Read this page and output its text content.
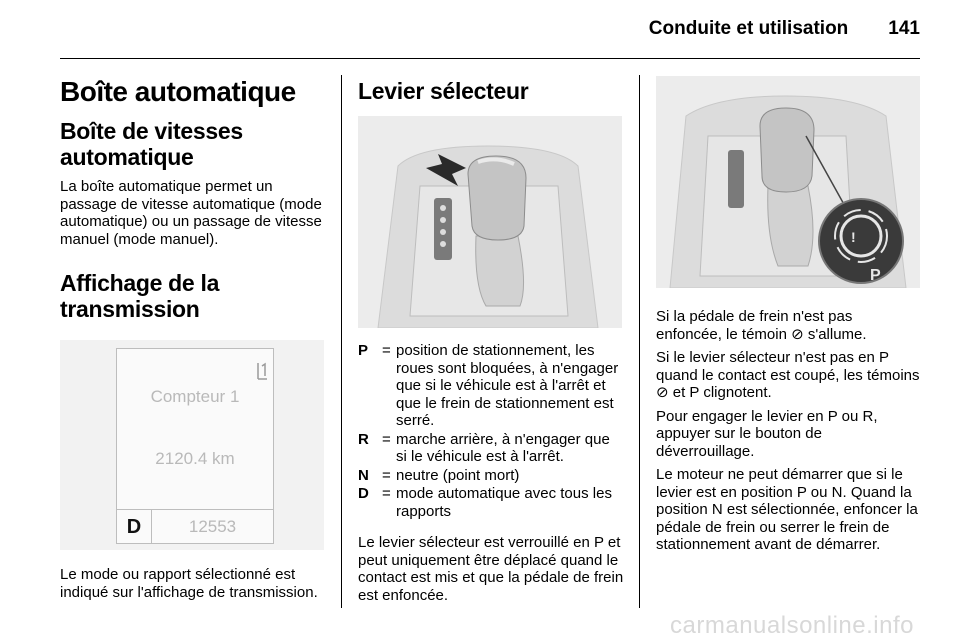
Conduite et utilisation 141
Boîte automatique
Boîte de vitesses automatique

La boîte automatique permet un passage de vitesse automatique (mode automatique) ou un passage de vitesse manuel (mode manuel).

Affichage de la transmission
Compteur 1
2120.4 km
D	12553

Le mode ou rapport sélectionné est indiqué sur l'affichage de transmission.

Levier sélecteur
P = position de stationnement, les roues sont bloquées, à n'engager que si le véhicule est à l'arrêt et que le frein de stationnement est serré.
R = marche arrière, à n'engager que si le véhicule est à l'arrêt.
N = neutre (point mort)
D = mode automatique avec tous les rapports

Le levier sélecteur est verrouillé en P et peut uniquement être déplacé quand le contact est mis et que la pédale de frein est enfoncée.

!
P

Si la pédale de frein n'est pas enfoncée, le témoin ⊘ s'allume.

Si le levier sélecteur n'est pas en P quand le contact est coupé, les témoins ⊘ et P clignotent.

Pour engager le levier en P ou R, appuyer sur le bouton de déverrouillage.

Le moteur ne peut démarrer que si le levier est en position P ou N. Quand la position N est sélectionnée, enfoncer la pédale de frein ou serrer le frein de stationnement avant de démarrer.

carmanualsonline.info
